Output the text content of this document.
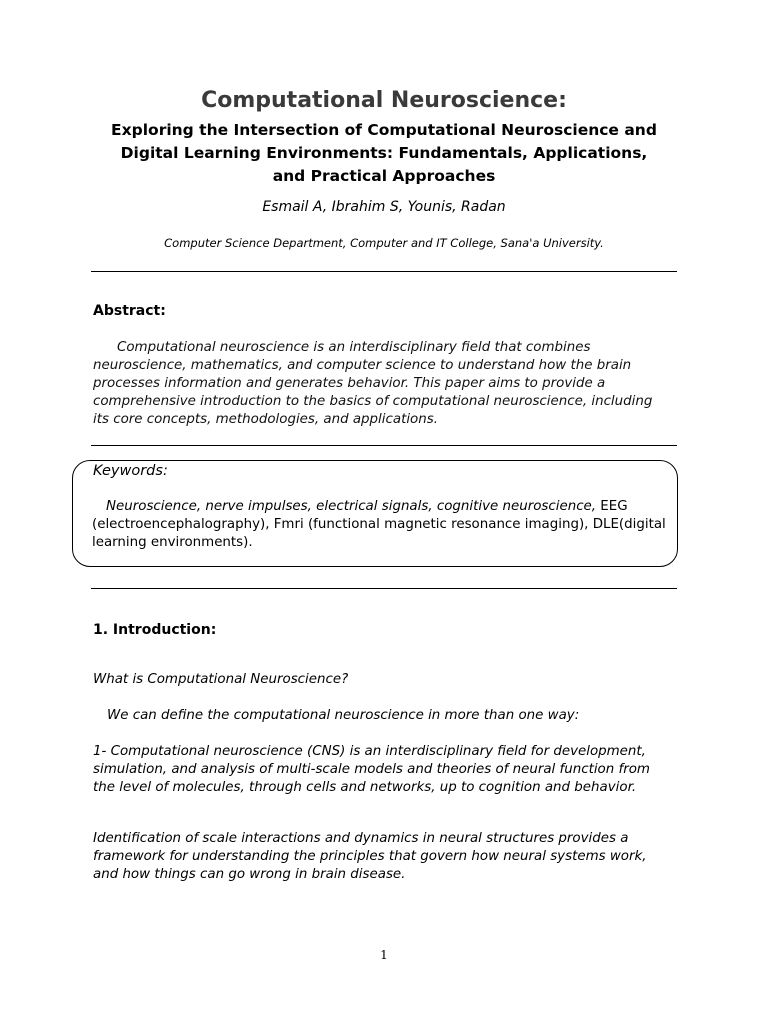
Computational Neuroscience:
Exploring the Intersection of Computational Neuroscience and
Digital Learning Environments: Fundamentals, Applications,
and Practical Approaches
Esmail A, Ibrahim S, Younis, Radan
Computer Science Department, Computer and IT College, Sana'a University.
Abstract:
Computational neuroscience is an interdisciplinary field that combines
neuroscience, mathematics, and computer science to understand how the brain
processes information and generates behavior. This paper aims to provide a
comprehensive introduction to the basics of computational neuroscience, including
its core concepts, methodologies, and applications.
Keywords:
Neuroscience, nerve impulses, electrical signals, cognitive neuroscience, EEG
(electroencephalography), Fmri (functional magnetic resonance imaging), DLE(digital
learning environments).
1. Introduction:
What is Computational Neuroscience?
We can define the computational neuroscience in more than one way:
1- Computational neuroscience (CNS) is an interdisciplinary field for development,
simulation, and analysis of multi-scale models and theories of neural function from
the level of molecules, through cells and networks, up to cognition and behavior.
Identification of scale interactions and dynamics in neural structures provides a
framework for understanding the principles that govern how neural systems work,
and how things can go wrong in brain disease.
1
